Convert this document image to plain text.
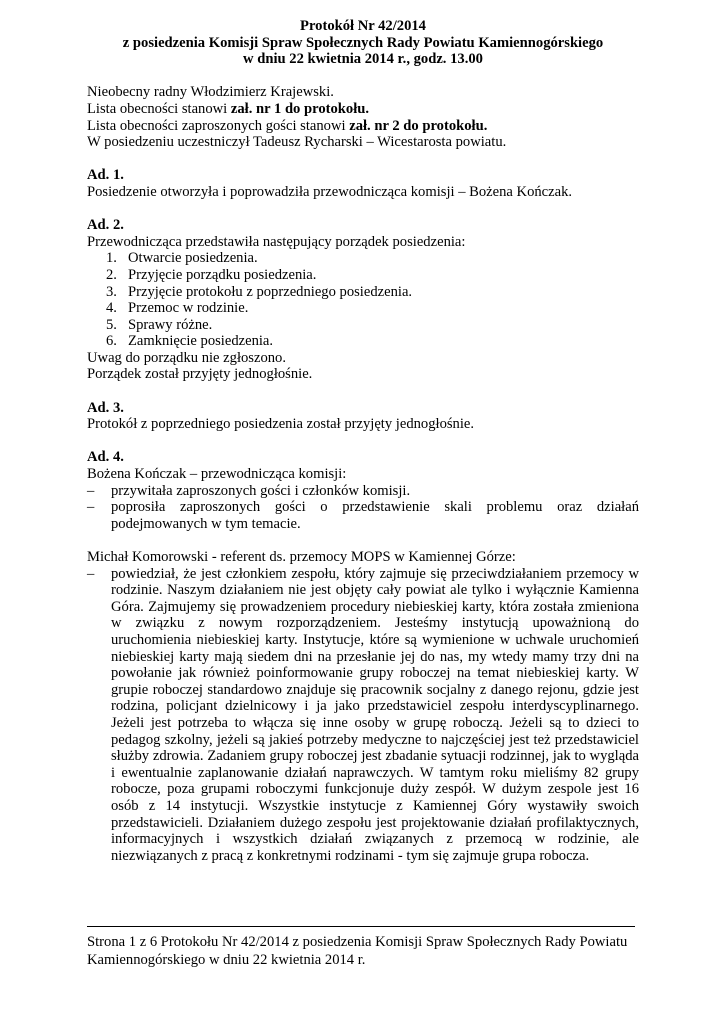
Protokół Nr 42/2014
z posiedzenia Komisji Spraw Społecznych Rady Powiatu Kamiennogórskiego
w dniu 22 kwietnia 2014 r., godz. 13.00
Nieobecny radny Włodzimierz Krajewski.
Lista obecności stanowi zał. nr 1 do protokołu.
Lista obecności zaproszonych gości stanowi zał. nr 2 do protokołu.
W posiedzeniu uczestniczył Tadeusz Rycharski – Wicestarosta powiatu.
Ad. 1.
Posiedzenie otworzyła i poprowadziła przewodnicząca komisji – Bożena Kończak.
Ad. 2.
Przewodnicząca przedstawiła następujący porządek posiedzenia:
1. Otwarcie posiedzenia.
2. Przyjęcie porządku posiedzenia.
3. Przyjęcie protokołu z poprzedniego posiedzenia.
4. Przemoc w rodzinie.
5. Sprawy różne.
6. Zamknięcie posiedzenia.
Uwag do porządku nie zgłoszono.
Porządek został przyjęty jednogłośnie.
Ad. 3.
Protokół z poprzedniego posiedzenia został przyjęty jednogłośnie.
Ad. 4.
Bożena Kończak – przewodnicząca komisji:
– przywitała zaproszonych gości i członków komisji.
– poprosiła zaproszonych gości o przedstawienie skali problemu oraz działań podejmowanych w tym temacie.
Michał Komorowski - referent ds. przemocy MOPS w Kamiennej Górze:
– powiedział, że jest członkiem zespołu, który zajmuje się przeciwdziałaniem przemocy w rodzinie. Naszym działaniem nie jest objęty cały powiat ale tylko i wyłącznie Kamienna Góra. Zajmujemy się prowadzeniem procedury niebieskiej karty, która została zmieniona w związku z nowym rozporządzeniem. Jesteśmy instytucją upoważnioną do uruchomienia niebieskiej karty. Instytucje, które są wymienione w uchwale uruchomień niebieskiej karty mają siedem dni na przesłanie jej do nas, my wtedy mamy trzy dni na powołanie jak również poinformowanie grupy roboczej na temat niebieskiej karty. W grupie roboczej standardowo znajduje się pracownik socjalny z danego rejonu, gdzie jest rodzina, policjant dzielnicowy i ja jako przedstawiciel zespołu interdyscyplinarnego. Jeżeli jest potrzeba to włącza się inne osoby w grupę roboczą. Jeżeli są to dzieci to pedagog szkolny, jeżeli są jakieś potrzeby medyczne to najczęściej jest też przedstawiciel służby zdrowia. Zadaniem grupy roboczej jest zbadanie sytuacji rodzinnej, jak to wygląda i ewentualnie zaplanowanie działań naprawczych. W tamtym roku mieliśmy 82 grupy robocze, poza grupami roboczymi funkcjonuje duży zespół. W dużym zespole jest 16 osób z 14 instytucji. Wszystkie instytucje z Kamiennej Góry wystawiły swoich przedstawicieli. Działaniem dużego zespołu jest projektowanie działań profilaktycznych, informacyjnych i wszystkich działań związanych z przemocą w rodzinie, ale niezwiązanych z pracą z konkretnymi rodzinami - tym się zajmuje grupa robocza.
Strona 1 z 6 Protokołu Nr 42/2014 z posiedzenia Komisji Spraw Społecznych Rady Powiatu Kamiennogórskiego w dniu 22 kwietnia 2014 r.
